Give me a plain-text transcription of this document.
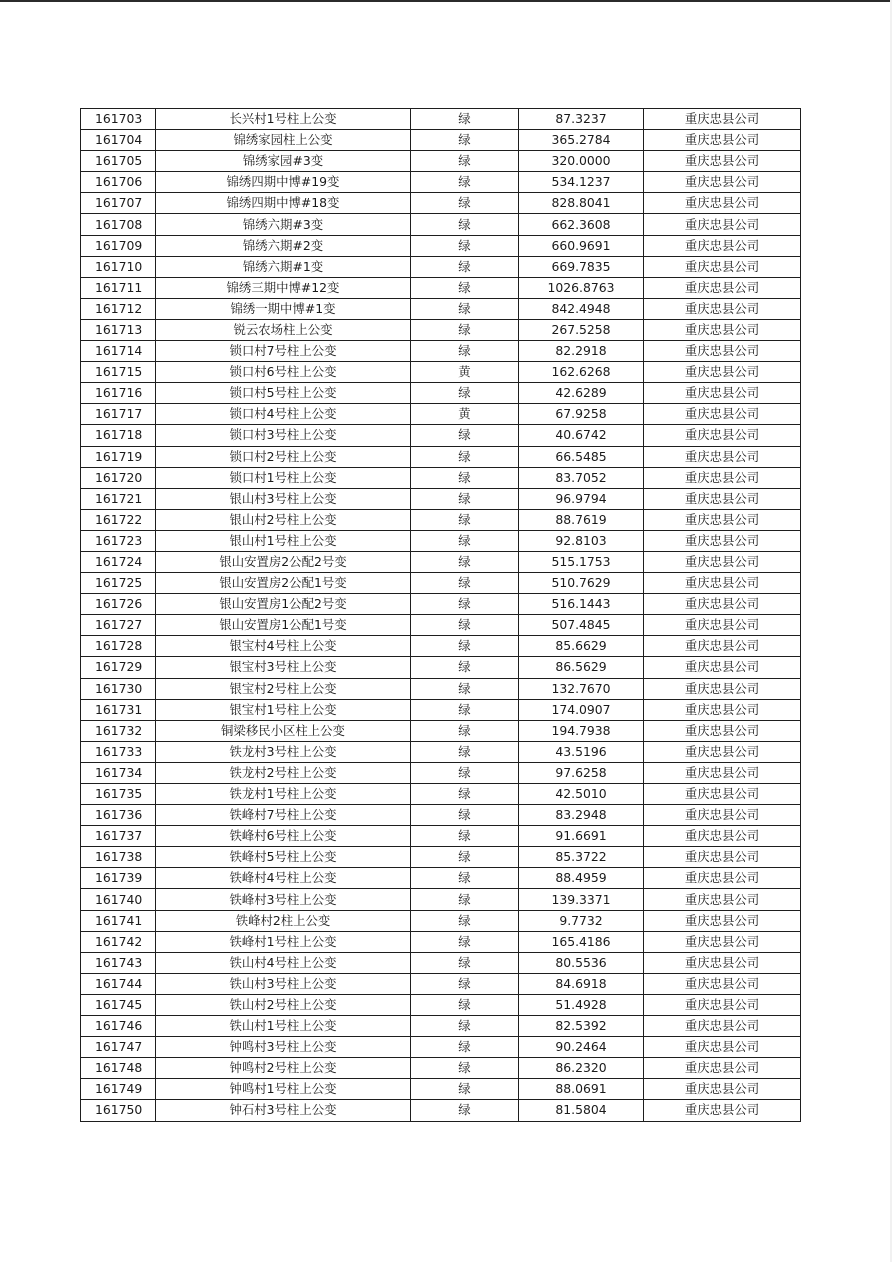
161703	长兴村1号柱上公变	绿	87.3237	重庆忠县公司
161704	锦绣家园柱上公变	绿	365.2784	重庆忠县公司
161705	锦绣家园#3变	绿	320.0000	重庆忠县公司
161706	锦绣四期中博#19变	绿	534.1237	重庆忠县公司
161707	锦绣四期中博#18变	绿	828.8041	重庆忠县公司
161708	锦绣六期#3变	绿	662.3608	重庆忠县公司
161709	锦绣六期#2变	绿	660.9691	重庆忠县公司
161710	锦绣六期#1变	绿	669.7835	重庆忠县公司
161711	锦绣三期中博#12变	绿	1026.8763	重庆忠县公司
161712	锦绣一期中博#1变	绿	842.4948	重庆忠县公司
161713	锐云农场柱上公变	绿	267.5258	重庆忠县公司
161714	锁口村7号柱上公变	绿	82.2918	重庆忠县公司
161715	锁口村6号柱上公变	黄	162.6268	重庆忠县公司
161716	锁口村5号柱上公变	绿	42.6289	重庆忠县公司
161717	锁口村4号柱上公变	黄	67.9258	重庆忠县公司
161718	锁口村3号柱上公变	绿	40.6742	重庆忠县公司
161719	锁口村2号柱上公变	绿	66.5485	重庆忠县公司
161720	锁口村1号柱上公变	绿	83.7052	重庆忠县公司
161721	银山村3号柱上公变	绿	96.9794	重庆忠县公司
161722	银山村2号柱上公变	绿	88.7619	重庆忠县公司
161723	银山村1号柱上公变	绿	92.8103	重庆忠县公司
161724	银山安置房2公配2号变	绿	515.1753	重庆忠县公司
161725	银山安置房2公配1号变	绿	510.7629	重庆忠县公司
161726	银山安置房1公配2号变	绿	516.1443	重庆忠县公司
161727	银山安置房1公配1号变	绿	507.4845	重庆忠县公司
161728	银宝村4号柱上公变	绿	85.6629	重庆忠县公司
161729	银宝村3号柱上公变	绿	86.5629	重庆忠县公司
161730	银宝村2号柱上公变	绿	132.7670	重庆忠县公司
161731	银宝村1号柱上公变	绿	174.0907	重庆忠县公司
161732	铜梁移民小区柱上公变	绿	194.7938	重庆忠县公司
161733	铁龙村3号柱上公变	绿	43.5196	重庆忠县公司
161734	铁龙村2号柱上公变	绿	97.6258	重庆忠县公司
161735	铁龙村1号柱上公变	绿	42.5010	重庆忠县公司
161736	铁峰村7号柱上公变	绿	83.2948	重庆忠县公司
161737	铁峰村6号柱上公变	绿	91.6691	重庆忠县公司
161738	铁峰村5号柱上公变	绿	85.3722	重庆忠县公司
161739	铁峰村4号柱上公变	绿	88.4959	重庆忠县公司
161740	铁峰村3号柱上公变	绿	139.3371	重庆忠县公司
161741	铁峰村2柱上公变	绿	9.7732	重庆忠县公司
161742	铁峰村1号柱上公变	绿	165.4186	重庆忠县公司
161743	铁山村4号柱上公变	绿	80.5536	重庆忠县公司
161744	铁山村3号柱上公变	绿	84.6918	重庆忠县公司
161745	铁山村2号柱上公变	绿	51.4928	重庆忠县公司
161746	铁山村1号柱上公变	绿	82.5392	重庆忠县公司
161747	钟鸣村3号柱上公变	绿	90.2464	重庆忠县公司
161748	钟鸣村2号柱上公变	绿	86.2320	重庆忠县公司
161749	钟鸣村1号柱上公变	绿	88.0691	重庆忠县公司
161750	钟石村3号柱上公变	绿	81.5804	重庆忠县公司
